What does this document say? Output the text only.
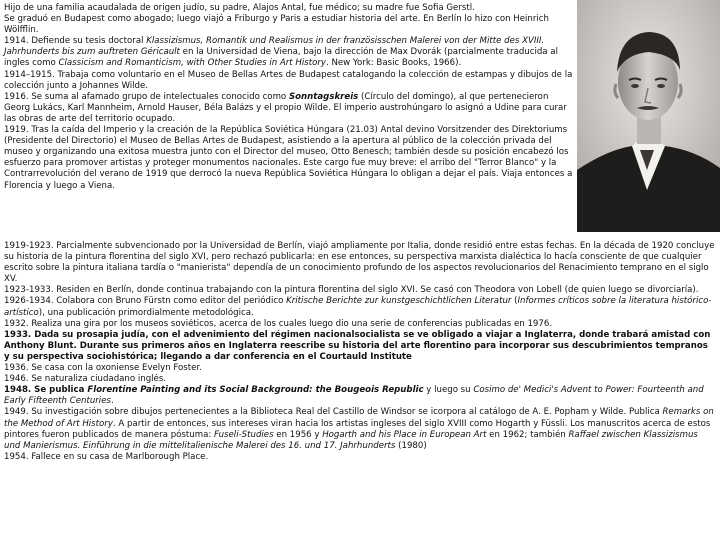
Hijo de una familia acaudalada de origen judío, su padre, Alajos Antal, fue médico; su madre fue Sofia Gerstl.

Se graduó en Budapest como abogado; luego viajó a Friburgo y Paris a estudiar historia del arte. En Berlín lo hizo con Heinrich Wölfflin.

1914. Defiende su tesis doctoral Klassizismus, Romantik und Realismus in der französisschen Malerei von der Mitte des XVIII. Jahrhunderts bis zum auftreten Géricault en la Universidad de Viena, bajo la dirección de Max Dvorák (parcialmente traducida al ingles como Classicism and Romanticism, with Other Studies in Art History. New York: Basic Books, 1966).

1914–1915. Trabaja como voluntario en el Museo de Bellas Artes de Budapest catalogando la colección de estampas y dibujos de la colección junto a Johannes Wilde.

1916. Se suma al afamado grupo de intelectuales conocido como Sonntagskreis (Círculo del domingo), al que pertenecieron Georg Lukács, Karl Mannheim, Arnold Hauser, Béla Balázs y el propio Wilde. El imperio austrohúngaro lo asignó a Udine para curar las obras de arte del territorio ocupado.

1919. Tras la caída del Imperio y la creación de la República Soviética Húngara (21.03) Antal devino Vorsitzender des Direktoriums (Presidente del Directorio) el Museo de Bellas Artes de Budapest, asistiendo a la apertura al público de la colección privada del museo y organizando una exitosa muestra junto con el Director del museo, Otto Benesch; también desde su posición encabezó los esfuerzo para promover artistas y proteger monumentos nacionales. Este cargo fue muy breve: el arribo del "Terror Blanco" y la Contrarrevolución del verano de 1919 que derrocó la nueva República Soviética Húngara lo obligan a dejar el país. Viaja entonces a Florencia y luego a Viena.

1919-1923. Parcialmente subvencionado por la Universidad de Berlín, viajó ampliamente por Italia, donde residió entre estas fechas. En la década de 1920 concluye su historia de la pintura florentina del siglo XVI, pero rechazó publicarla: en ese entonces, su perspectiva marxista dialéctica lo hacía consciente de que cualquier escrito sobre la pintura italiana tardía o "manierista" dependía de un conocimiento profundo de los aspectos revolucionarios del Renacimiento temprano en el siglo XV.

1923-1933. Residen en Berlín, donde continua trabajando con la pintura florentina del siglo XVI. Se casó con Theodora von Lobell (de quien luego se divorciaría).

1926-1934. Colabora con Bruno Fürstn como editor del periódico Kritische Berichte zur kunstgeschichtlichen Literatur (Informes críticos sobre la literatura histórico-artístico), una publicación primordialmente metodológica.

1932. Realiza una gira por los museos soviéticos, acerca de los cuales luego dio una serie de conferencias publicadas en 1976.

1933. Dada su prosapia judía, con el advenimiento del régimen nacionalsocialista se ve obligado a viajar a Inglaterra, donde trabará amistad con Anthony Blunt. Durante sus primeros años en Inglaterra reescribe su historia del arte florentino para incorporar sus descubrimientos tempranos y su perspectiva sociohistórica; llegando a dar conferencia en el Courtauld Institute

1936. Se casa con la oxoniense Evelyn Foster.

1946. Se naturaliza ciudadano inglés.

1948. Se publica Florentine Painting and its Social Background: the Bougeois Republic y luego su Cosimo de' Medici's Advent to Power: Fourteenth and Early Fifteenth Centuries.

1949. Su investigación sobre dibujos pertenecientes a la Biblioteca Real del Castillo de Windsor se icorpora al catálogo de A. E. Popham y Wilde. Publica Remarks on the Method of Art History. A partir de entonces, sus intereses viran hacia los artistas ingleses del siglo XVIII como Hogarth y Füssli. Los manuscritos acerca de estos pintores fueron publicados de manera póstuma: Fuseli-Studies en 1956 y Hogarth and his Place in European Art en 1962; también Raffael zwischen Klassizismus und Manierismus. Einführung in die mittelitalienische Malerei des 16. und 17. Jahrhunderts (1980)

1954. Fallece en su casa de Marlborough Place.
